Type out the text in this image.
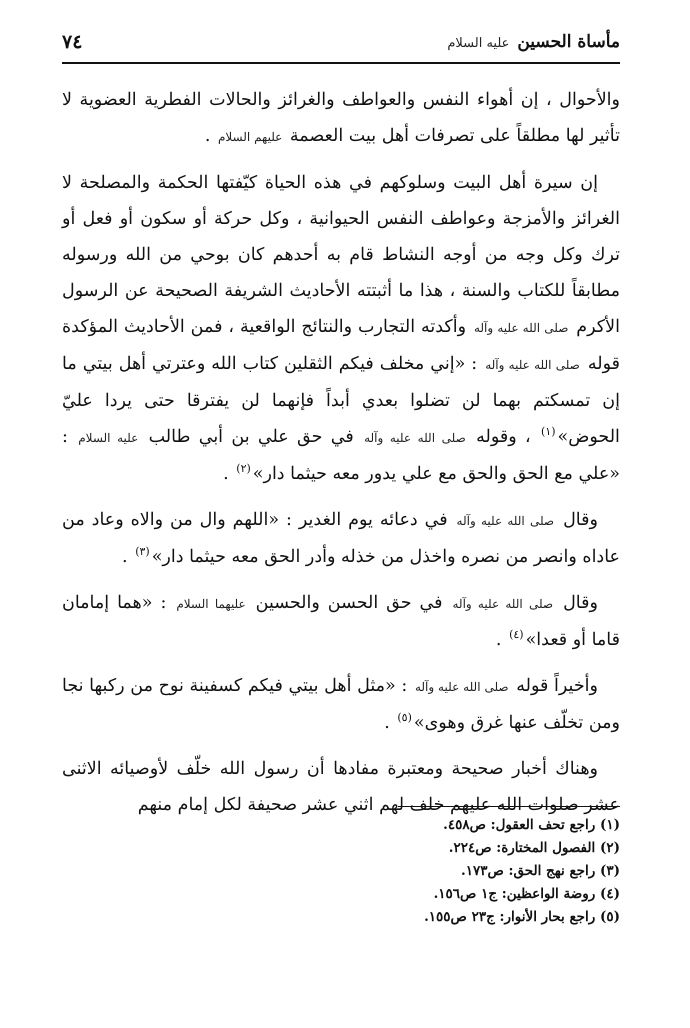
مأساة الحسين عليه السلام
٧٤

والأحوال ، إن أهواء النفس والعواطف والغرائز والحالات الفطرية العضوية لا تأثير لها مطلقاً على تصرفات أهل بيت العصمة عليهم السلام .

إن سيرة أهل البيت وسلوكهم في هذه الحياة كيّفتها الحكمة والمصلحة لا الغرائز والأمزجة وعواطف النفس الحيوانية ، وكل حركة أو سكون أو فعل أو ترك وكل وجه من أوجه النشاط قام به أحدهم كان بوحي من الله ورسوله مطابقاً للكتاب والسنة ، هذا ما أثبتته الأحاديث الشريفة الصحيحة عن الرسول الأكرم صلى الله عليه وآله وأكدته التجارب والنتائج الواقعية ، فمن الأحاديث المؤكدة قوله صلى الله عليه وآله : «إني مخلف فيكم الثقلين كتاب الله وعترتي أهل بيتي ما إن تمسكتم بهما لن تضلوا بعدي أبداً فإنهما لن يفترقا حتى يردا عليّ الحوض»$^{(١)}$ ، وقوله صلى الله عليه وآله في حق علي بن أبي طالب عليه السلام : «علي مع الحق والحق مع علي يدور معه حيثما دار»$^{(٢)}$ .

وقال صلى الله عليه وآله في دعائه يوم الغدير : «اللهم وال من والاه وعاد من عاداه وانصر من نصره واخذل من خذله وأدر الحق معه حيثما دار»$^{(٣)}$ .

وقال صلى الله عليه وآله في حق الحسن والحسين عليهما السلام : «هما إمامان قاما أو قعدا»$^{(٤)}$ .

وأخيراً قوله صلى الله عليه وآله : «مثل أهل بيتي فيكم كسفينة نوح من ركبها نجا ومن تخلّف عنها غرق وهوى»$^{(٥)}$ .

وهناك أخبار صحيحة ومعتبرة مفادها أن رسول الله خلّف لأوصيائه الاثنى عشر صلوات الله عليهم خلف لهم اثني عشر صحيفة لكل إمام منهم

(١) راجع تحف العقول: ص٤٥٨.
(٢) الفصول المختارة: ص٢٢٤.
(٣) راجع نهج الحق: ص١٧٣.
(٤) روضة الواعظين: ج١ ص١٥٦.
(٥) راجع بحار الأنوار: ج٢٣ ص١٥٥.
